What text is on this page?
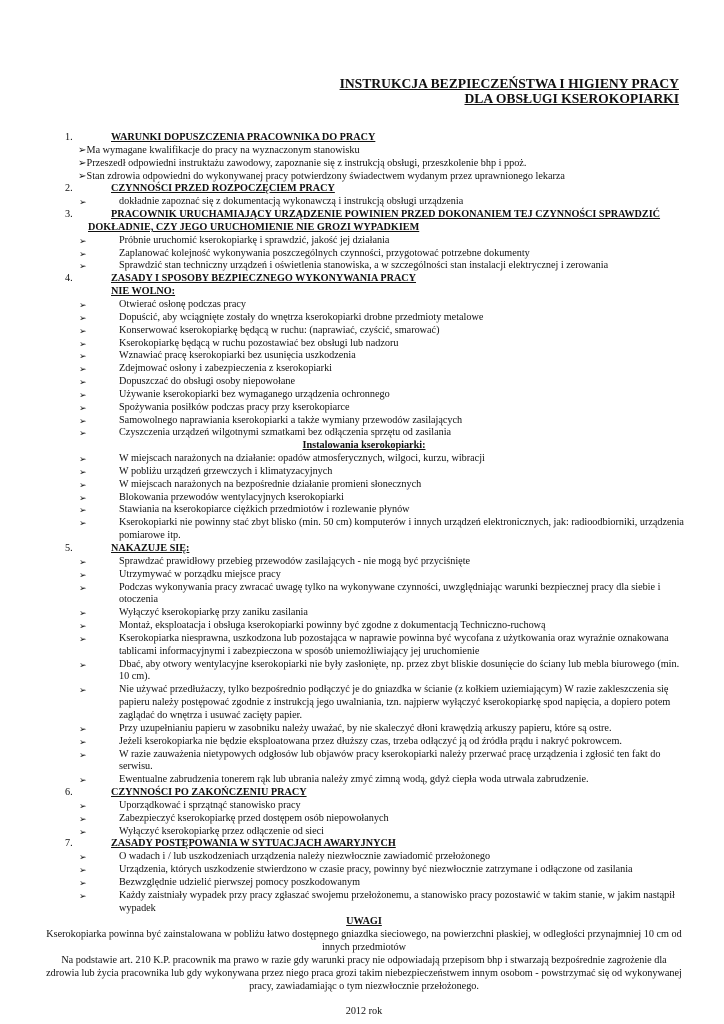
INSTRUKCJA BEZPIECZEŃSTWA I HIGIENY PRACY
DLA OBSŁUGI KSEROKOPIARKI
1.	WARUNKI DOPUSZCZENIA PRACOWNIKA DO PRACY
➢Ma wymagane kwalifikacje do pracy na wyznaczonym stanowisku
➢Przeszedł odpowiedni instruktażu zawodowy, zapoznanie się z instrukcją obsługi, przeszkolenie bhp i ppoż.
➢Stan zdrowia odpowiedni do wykonywanej pracy potwierdzony świadectwem wydanym przez uprawnionego lekarza
2.	CZYNNOŚCI PRZED ROZPOCZĘCIEM PRACY
➢	dokładnie zapoznać się z dokumentacją wykonawczą i instrukcją obsługi urządzenia
3.	PRACOWNIK URUCHAMIAJĄCY URZĄDZENIE POWINIEN PRZED DOKONANIEM TEJ CZYNNOŚCI SPRAWDZIĆ
DOKŁADNIE, CZY JEGO URUCHOMIENIE NIE GROZI WYPADKIEM
➢	Próbnie uruchomić kserokopiarkę i sprawdzić, jakość jej działania
➢	Zaplanować kolejność wykonywania poszczególnych czynności, przygotować potrzebne dokumenty
➢	Sprawdzić stan techniczny urządzeń i oświetlenia stanowiska, a w szczególności stan instalacji elektrycznej i zerowania
4.	ZASADY I SPOSOBY BEZPIECZNEGO WYKONYWANIA PRACY
NIE WOLNO:
➢	Otwierać osłonę podczas pracy
➢	Dopuścić, aby wciągnięte zostały do wnętrza kserokopiarki drobne przedmioty metalowe
➢	Konserwować kserokopiarkę będącą w ruchu: (naprawiać, czyścić, smarować)
➢	Kserokopiarkę będącą w ruchu pozostawiać bez obsługi lub nadzoru
➢	Wznawiać pracę kserokopiarki bez usunięcia uszkodzenia
➢	Zdejmować osłony i zabezpieczenia z kserokopiarki
➢	Dopuszczać do obsługi osoby niepowołane
➢	Używanie kserokopiarki bez wymaganego urządzenia ochronnego
➢	Spożywania posiłków podczas pracy przy kserokopiarce
➢	Samowolnego naprawiania kserokopiarki a także wymiany przewodów zasilających
➢	Czyszczenia urządzeń wilgotnymi szmatkami bez odłączenia sprzętu od zasilania
Instalowania kserokopiarki:
➢	W miejscach narażonych na działanie: opadów atmosferycznych, wilgoci, kurzu, wibracji
➢	W pobliżu urządzeń grzewczych i klimatyzacyjnych
➢	W miejscach narażonych na bezpośrednie działanie promieni słonecznych
➢	Blokowania przewodów wentylacyjnych kserokopiarki
➢	Stawiania na kserokopiarce ciężkich przedmiotów i rozlewanie płynów
➢	Kserokopiarki nie powinny stać zbyt blisko (min. 50 cm) komputerów i innych urządzeń elektronicznych, jak: radioodbiorniki, urządzenia pomiarowe itp.
5.	NAKAZUJE SIĘ:
➢	Sprawdzać prawidłowy przebieg przewodów zasilających - nie mogą być przyciśnięte
➢	Utrzymywać w porządku miejsce pracy
➢	Podczas wykonywania pracy zwracać uwagę tylko na wykonywane czynności, uwzględniając warunki bezpiecznej pracy dla siebie i otoczenia
➢	Wyłączyć kserokopiarkę przy zaniku zasilania
➢	Montaż, eksploatacja i obsługa kserokopiarki powinny być zgodne z dokumentacją Techniczno-ruchową
➢	Kserokopiarka niesprawna, uszkodzona lub pozostająca w naprawie powinna być wycofana z użytkowania oraz wyraźnie oznakowana tablicami informacyjnymi i zabezpieczona w sposób uniemożliwiający jej uruchomienie
➢	Dbać, aby otwory wentylacyjne kserokopiarki nie były zasłonięte, np. przez zbyt bliskie dosunięcie do ściany lub mebla biurowego (min. 10 cm).
➢	Nie używać przedłużaczy, tylko bezpośrednio podłączyć je do gniazdka w ścianie (z kołkiem uziemiającym) W razie zakleszczenia się papieru należy postępować zgodnie z instrukcją jego uwalniania, tzn. najpierw wyłączyć kserokopiarkę spod napięcia, a dopiero potem zaglądać do wnętrza i usuwać zacięty papier.
➢	Przy uzupełnianiu papieru w zasobniku należy uważać, by nie skaleczyć dłoni krawędzią arkuszy papieru, które są ostre.
➢	Jeżeli kserokopiarka nie będzie eksploatowana przez dłuższy czas, trzeba odłączyć ją od źródła prądu i nakryć pokrowcem.
➢	W razie zauważenia nietypowych odgłosów lub objawów pracy kserokopiarki należy przerwać pracę urządzenia i zgłosić ten fakt do serwisu.
➢	Ewentualne zabrudzenia tonerem rąk lub ubrania należy zmyć zimną wodą, gdyż ciepła woda utrwala zabrudzenie.
6.	CZYNNOŚCI PO ZAKOŃCZENIU PRACY
➢	Uporządkować i sprzątnąć stanowisko pracy
➢	Zabezpieczyć kserokopiarkę przed dostępem osób niepowołanych
➢	Wyłączyć kserokopiarkę przez odłączenie od sieci
7.	ZASADY POSTĘPOWANIA W SYTUACJACH AWARYJNYCH
➢	O wadach i / lub uszkodzeniach urządzenia należy niezwłocznie zawiadomić przełożonego
➢	Urządzenia, których uszkodzenie stwierdzono w czasie pracy, powinny być niezwłocznie zatrzymane i odłączone od zasilania
➢	Bezwzględnie udzielić pierwszej pomocy poszkodowanym
➢	Każdy zaistniały wypadek przy pracy zgłaszać swojemu przełożonemu, a stanowisko pracy pozostawić w takim stanie, w jakim nastąpił wypadek
UWAGI
Kserokopiarka powinna być zainstalowana w pobliżu łatwo dostępnego gniazdka sieciowego, na powierzchni płaskiej, w odległości przynajmniej 10 cm od innych przedmiotów
Na podstawie art. 210 K.P. pracownik ma prawo w razie gdy warunki pracy nie odpowiadają przepisom bhp i stwarzają bezpośrednie zagrożenie dla zdrowia lub życia pracownika lub gdy wykonywana przez niego praca grozi takim niebezpieczeństwem innym osobom - powstrzymać się od wykonywanej pracy, zawiadamiając o tym niezwłocznie przełożonego.
2012 rok
